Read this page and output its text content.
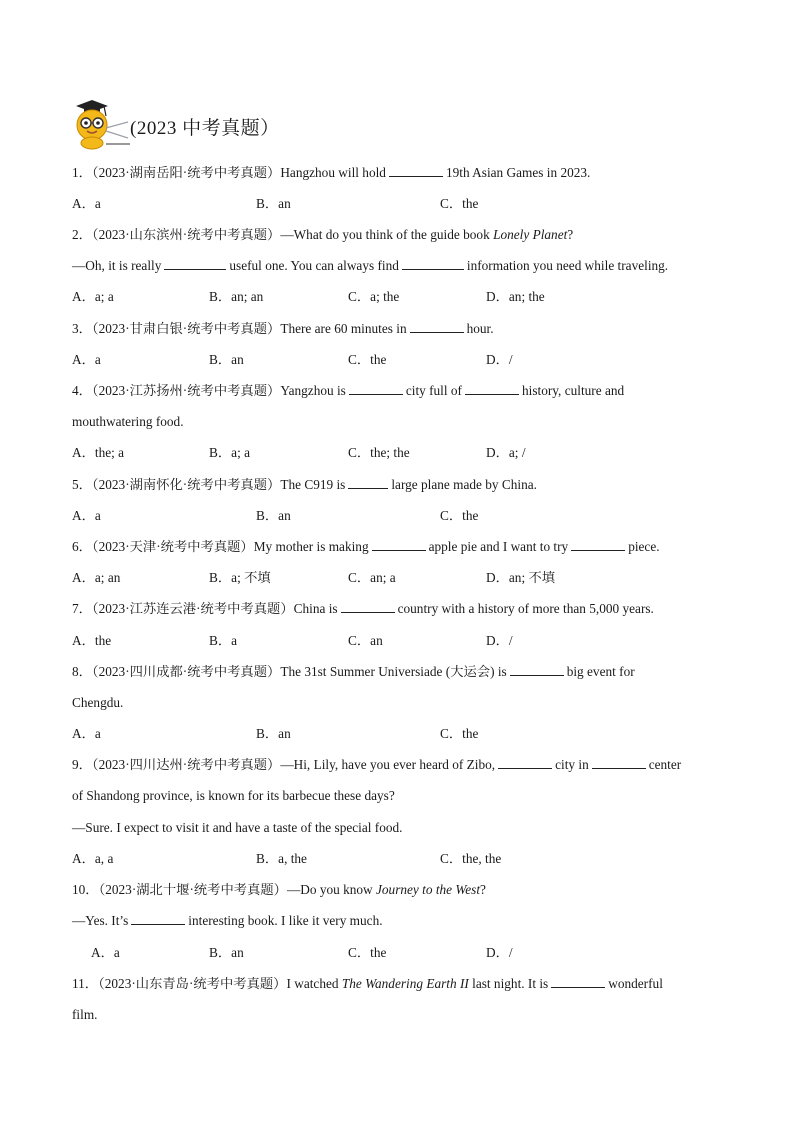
(2023 中考真题）
1．（2023·湖南岳阳·统考中考真题）Hangzhou will hold	19th Asian Games in 2023.
A．a	B．an	C．the
2．（2023·山东滨州·统考中考真题）—What do you think of the guide book Lonely Planet?
—Oh, it is really	useful one. You can always find	information you need while traveling.
A．a; a	B．an; an	C．a; the	D．an; the
3．（2023·甘肃白银·统考中考真题）There are 60 minutes in	hour.
A．a	B．an	C．the	D．/
4．（2023·江苏扬州·统考中考真题）Yangzhou is	city full of	history, culture and
mouthwatering food.
A．the; a	B．a; a	C．the; the	D．a; /
5．（2023·湖南怀化·统考中考真题）The C919 is	large plane made by China.
A．a	B．an	C．the
6．（2023·天津·统考中考真题）My mother is making	apple pie and I want to try	piece.
A．a; an	B．a; 不填	C．an; a	D．an; 不填
7．（2023·江苏连云港·统考中考真题）China is	country with a history of more than 5,000 years.
A．the	B．a	C．an	D．/
8．（2023·四川成都·统考中考真题）The 31st Summer Universiade (大运会) is	big event for
Chengdu.
A．a	B．an	C．the
9．（2023·四川达州·统考中考真题）—Hi, Lily, have you ever heard of Zibo,	city in	center
of Shandong province, is known for its barbecue these days?
—Sure. I expect to visit it and have a taste of the special food.
A．a, a	B．a, the	C．the, the
10．（2023·湖北十堰·统考中考真题）—Do you know Journey to the West?
—Yes. It’s	interesting book. I like it very much.
A．a	B．an	C．the	D．/
11．（2023·山东青岛·统考中考真题）I watched The Wandering Earth II last night. It is	wonderful
film.
